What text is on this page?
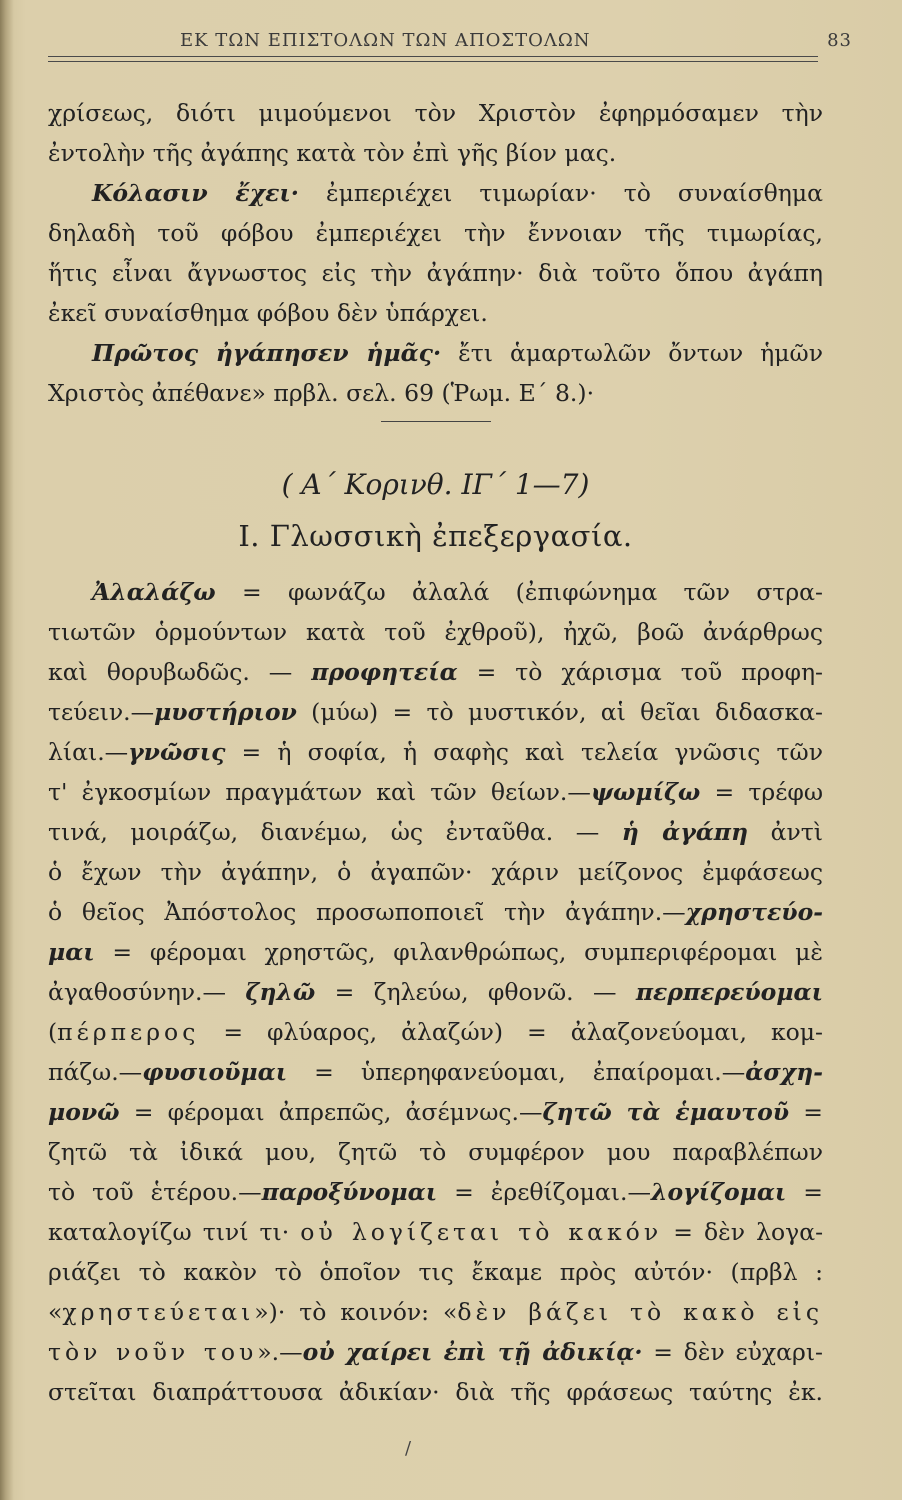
ΕΚ ΤΩΝ ΕΠΙΣΤΟΛΩΝ ΤΩΝ ΑΠΟΣΤΟΛΩΝ	83
χρίσεως, διότι μιμούμενοι τὸν Χριστὸν ἐφηρμόσαμεν τὴν
ἐντολὴν τῆς ἀγάπης κατὰ τὸν ἐπὶ γῆς βίον μας.
Κόλασιν ἔχει· ἐμπεριέχει τιμωρίαν· τὸ συναίσθημα
δηλαδὴ τοῦ φόβου ἐμπεριέχει τὴν ἔννοιαν τῆς τιμωρίας,
ἥτις εἶναι ἄγνωστος εἰς τὴν ἀγάπην· διὰ τοῦτο ὅπου ἀγάπη
ἐκεῖ συναίσθημα φόβου δὲν ὑπάρχει.
Πρῶτος ἠγάπησεν ἡμᾶς· ἔτι ἁμαρτωλῶν ὄντων ἡμῶν
Χριστὸς ἀπέθανε» πρβλ. σελ. 69 (Ῥωμ. Ε΄ 8.)·
( Α΄ Κορινθ. ΙΓ΄ 1—7)
Ι. Γλωσσικὴ ἐπεξεργασία.
Ἀλαλάζω = φωνάζω ἀλαλά (ἐπιφώνημα τῶν στρα-
τιωτῶν ὁρμούντων κατὰ τοῦ ἐχθροῦ), ἠχῶ, βοῶ ἀνάρθρως
καὶ θορυβωδῶς. — προφητεία = τὸ χάρισμα τοῦ προφη-
τεύειν.—μυστήριον (μύω) = τὸ μυστικόν, αἱ θεῖαι διδασκα-
λίαι.—γνῶσις = ἡ σοφία, ἡ σαφὴς καὶ τελεία γνῶσις τῶν
τ' ἐγκοσμίων πραγμάτων καὶ τῶν θείων.—ψωμίζω = τρέφω
τινά, μοιράζω, διανέμω, ὡς ἐνταῦθα. — ἡ ἀγάπη ἀντὶ
ὁ ἔχων τὴν ἀγάπην, ὁ ἀγαπῶν· χάριν μείζονος ἐμφάσεως
ὁ θεῖος Ἀπόστολος προσωποποιεῖ τὴν ἀγάπην.—χρηστεύο-
μαι = φέρομαι χρηστῶς, φιλανθρώπως, συμπεριφέρομαι μὲ
ἀγαθοσύνην.— ζηλῶ = ζηλεύω, φθονῶ. — περπερεύομαι
(πέρπερος = φλύαρος, ἀλαζών) = ἀλαζονεύομαι, κομ-
πάζω.—φυσιοῦμαι = ὑπερηφανεύομαι, ἐπαίρομαι.—ἀσχη-
μονῶ = φέρομαι ἀπρεπῶς, ἀσέμνως.—ζητῶ τὰ ἑμαυτοῦ =
ζητῶ τὰ ἰδικά μου, ζητῶ τὸ συμφέρον μου παραβλέπων
τὸ τοῦ ἑτέρου.—παροξύνομαι = ἐρεθίζομαι.—λογίζομαι =
καταλογίζω τινί τι· οὐ λογίζεται τὸ κακόν = δὲν λογα-
ριάζει τὸ κακὸν τὸ ὁποῖον τις ἔκαμε πρὸς αὐτόν· (πρβλ :
«χρηστεύεται»)· τὸ κοινόν: «δὲν βάζει τὸ κακὸ εἰς
τὸν νοῦν του».—οὐ χαίρει ἐπὶ τῇ ἀδικίᾳ· = δὲν εὐχαρι-
στεῖται διαπράττουσα ἀδικίαν· διὰ τῆς φράσεως ταύτης ἐκ.
/
